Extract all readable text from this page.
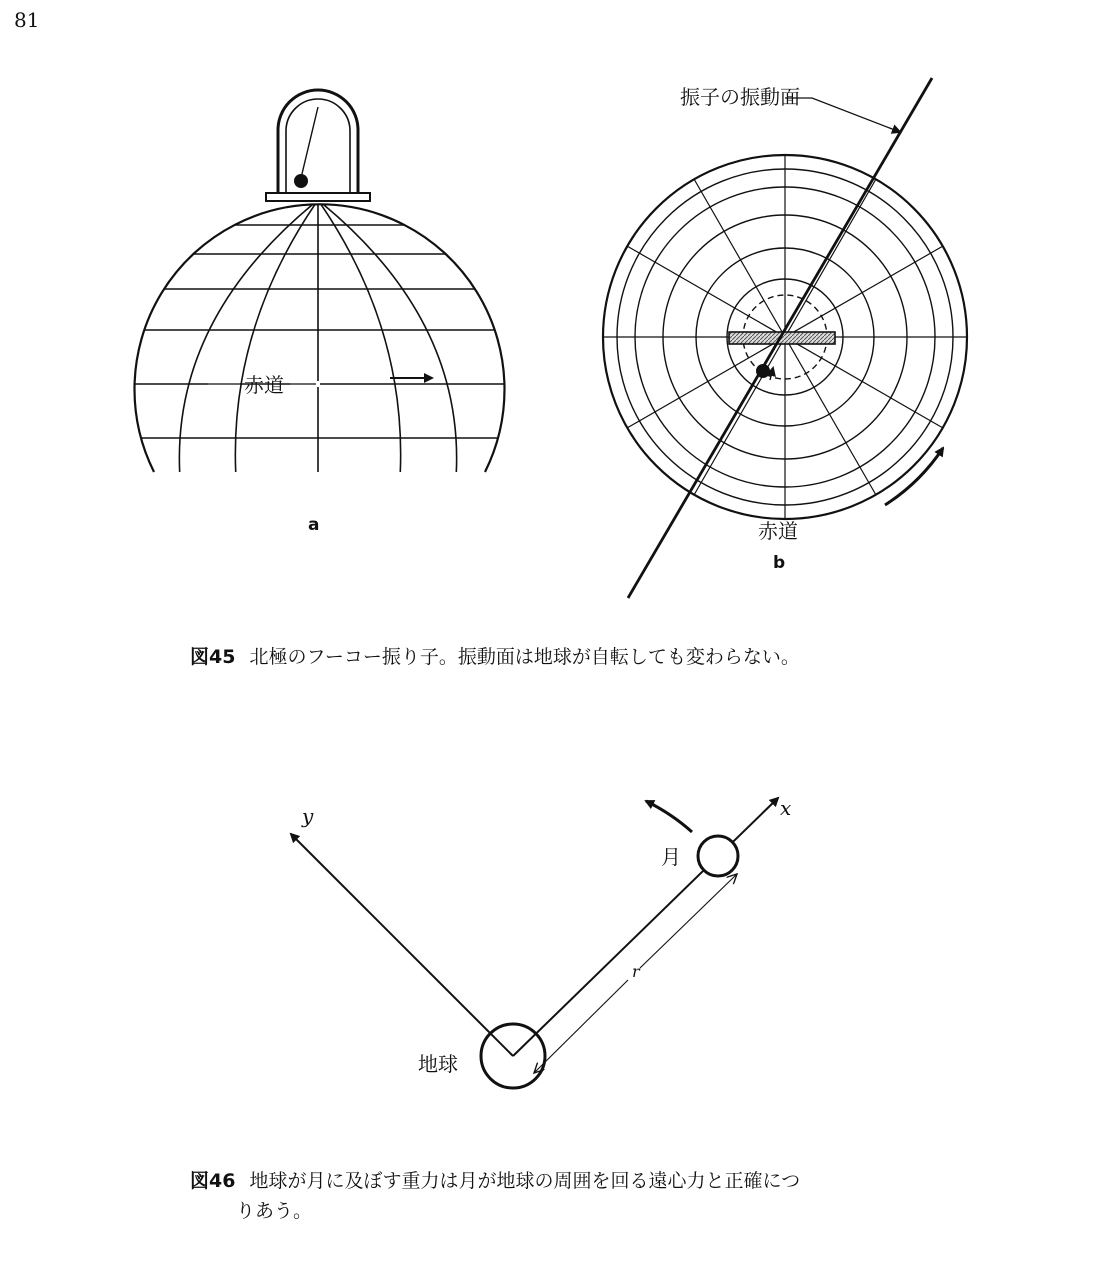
81
赤道
a
振子の振動面
赤道
b
y	x
r
月
地球
図45 北極のフーコー振り子。振動面は地球が自転しても変わらない。
図46 地球が月に及ぼす重力は月が地球の周囲を回る遠心力と正確につ
りあう。
